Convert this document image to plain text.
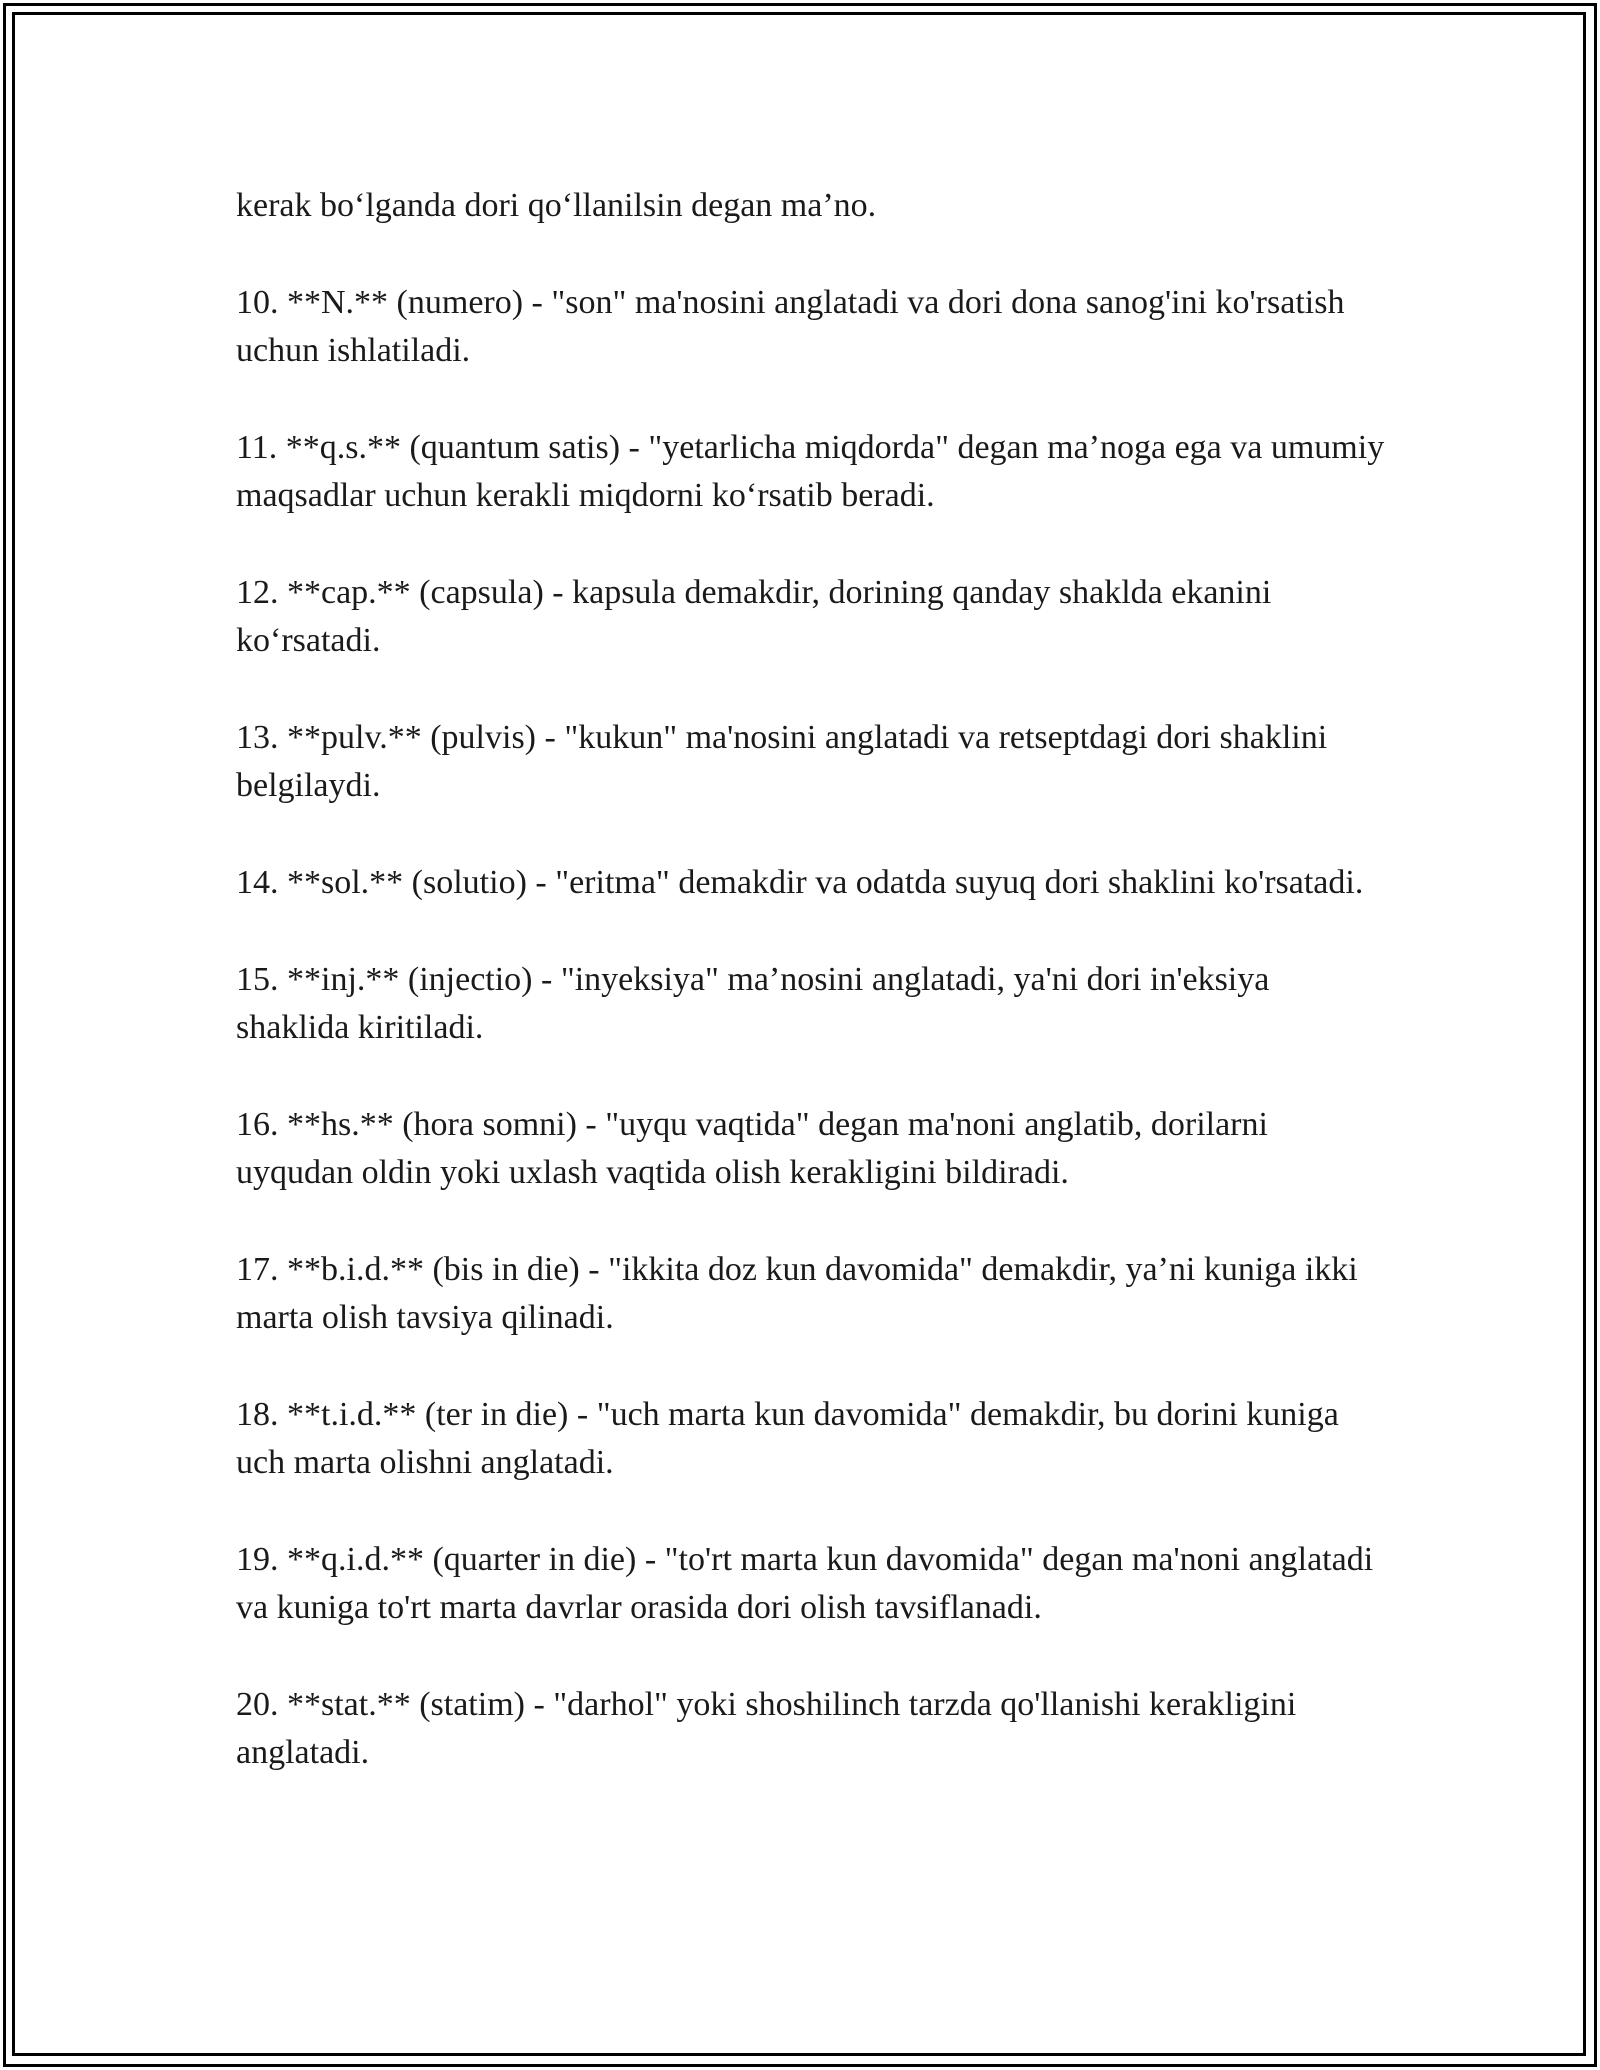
kerak bo‘lganda dori qo‘llanilsin degan ma’no.

10. **N.** (numero) - "son" ma'nosini anglatadi va dori dona sanog'ini ko'rsatish uchun ishlatiladi.

11. **q.s.** (quantum satis) - "yetarlicha miqdorda" degan ma’noga ega va umumiy maqsadlar uchun kerakli miqdorni ko‘rsatib beradi.

12. **cap.** (capsula) - kapsula demakdir, dorining qanday shaklda ekanini ko‘rsatadi.

13. **pulv.** (pulvis) - "kukun" ma'nosini anglatadi va retseptdagi dori shaklini belgilaydi.

14. **sol.** (solutio) - "eritma" demakdir va odatda suyuq dori shaklini ko'rsatadi.

15. **inj.** (injectio) - "inyeksiya" ma’nosini anglatadi, ya'ni dori in'eksiya shaklida kiritiladi.

16. **hs.** (hora somni) - "uyqu vaqtida" degan ma'noni anglatib, dorilarni uyqudan oldin yoki uxlash vaqtida olish kerakligini bildiradi.

17. **b.i.d.** (bis in die) - "ikkita doz kun davomida" demakdir, ya’ni kuniga ikki marta olish tavsiya qilinadi.

18. **t.i.d.** (ter in die) - "uch marta kun davomida" demakdir, bu dorini kuniga uch marta olishni anglatadi.

19. **q.i.d.** (quarter in die) - "to'rt marta kun davomida" degan ma'noni anglatadi va kuniga to'rt marta davrlar orasida dori olish tavsiflanadi.

20. **stat.** (statim) - "darhol" yoki shoshilinch tarzda qo'llanishi kerakligini anglatadi.
